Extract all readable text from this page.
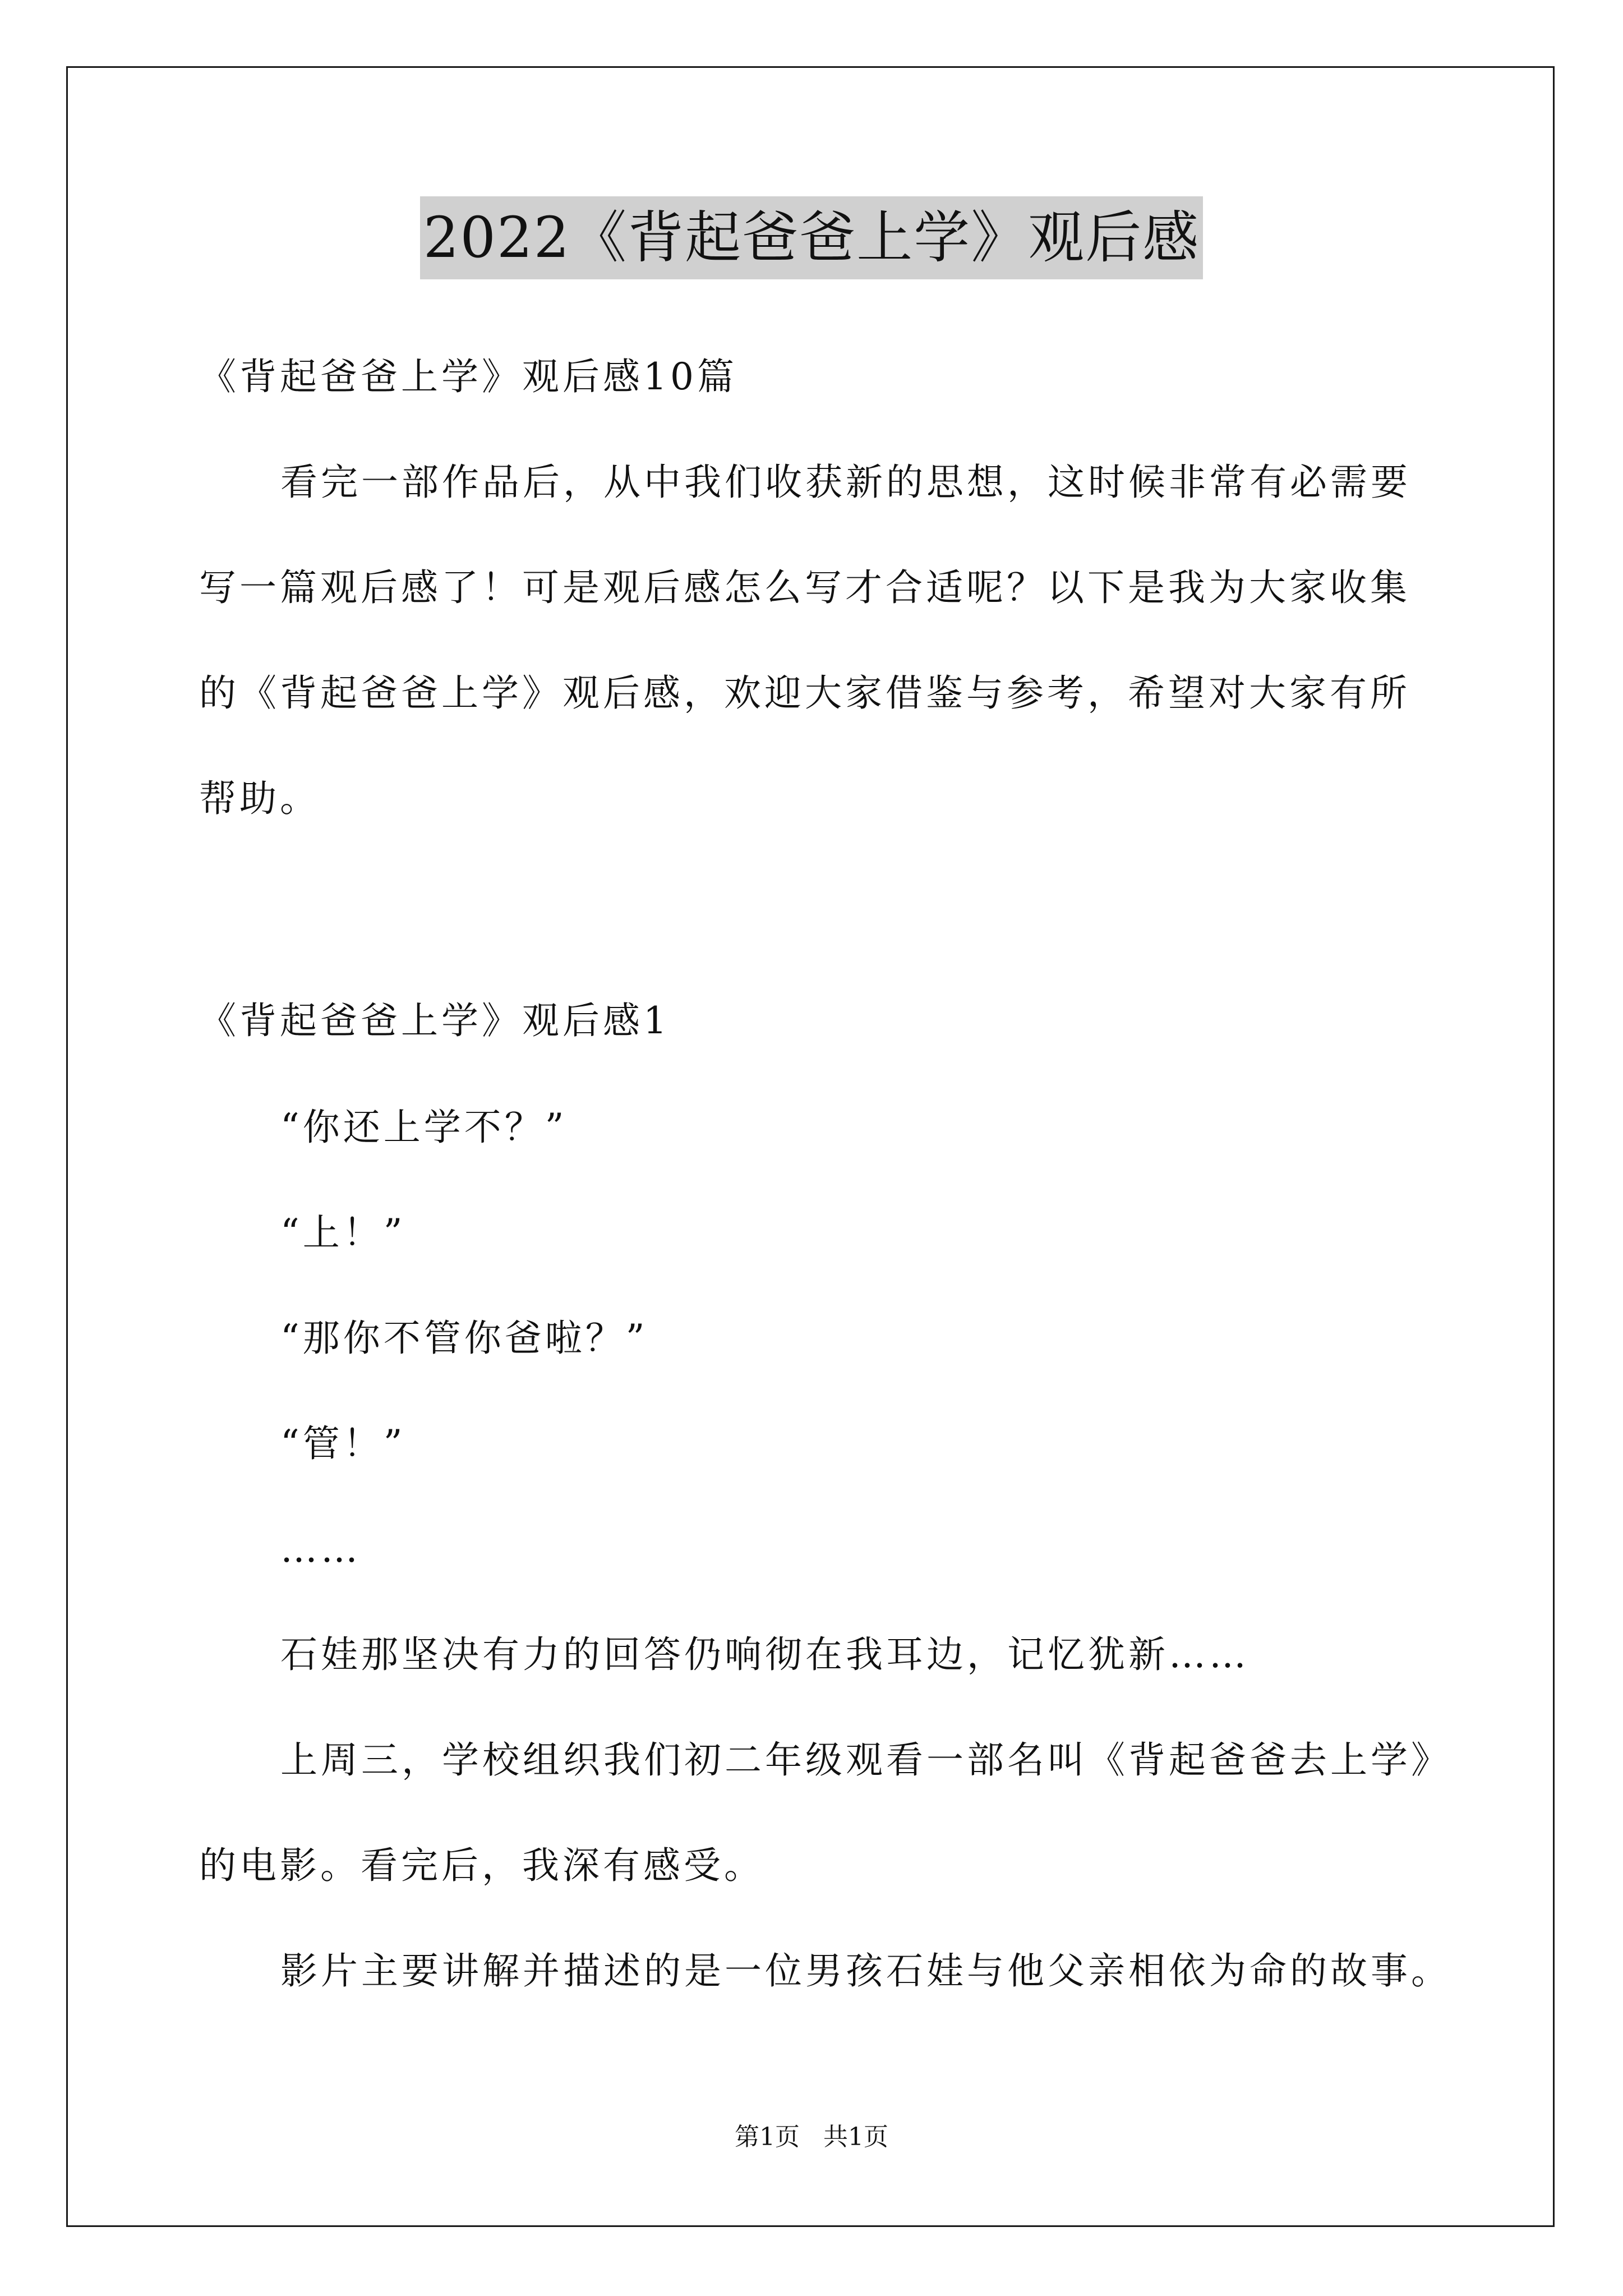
2022《背起爸爸上学》观后感
《背起爸爸上学》观后感10篇
看完一部作品后，从中我们收获新的思想，这时候非常有必需要
写一篇观后感了！可是观后感怎么写才合适呢？以下是我为大家收集
的《背起爸爸上学》观后感，欢迎大家借鉴与参考，希望对大家有所
帮助。
《背起爸爸上学》观后感1
“你还上学不？”
“上！”
“那你不管你爸啦？”
“管！”
……
石娃那坚决有力的回答仍响彻在我耳边，记忆犹新……
上周三，学校组织我们初二年级观看一部名叫《背起爸爸去上学》
的电影。看完后，我深有感受。
影片主要讲解并描述的是一位男孩石娃与他父亲相依为命的故事。
第1页 共1页
